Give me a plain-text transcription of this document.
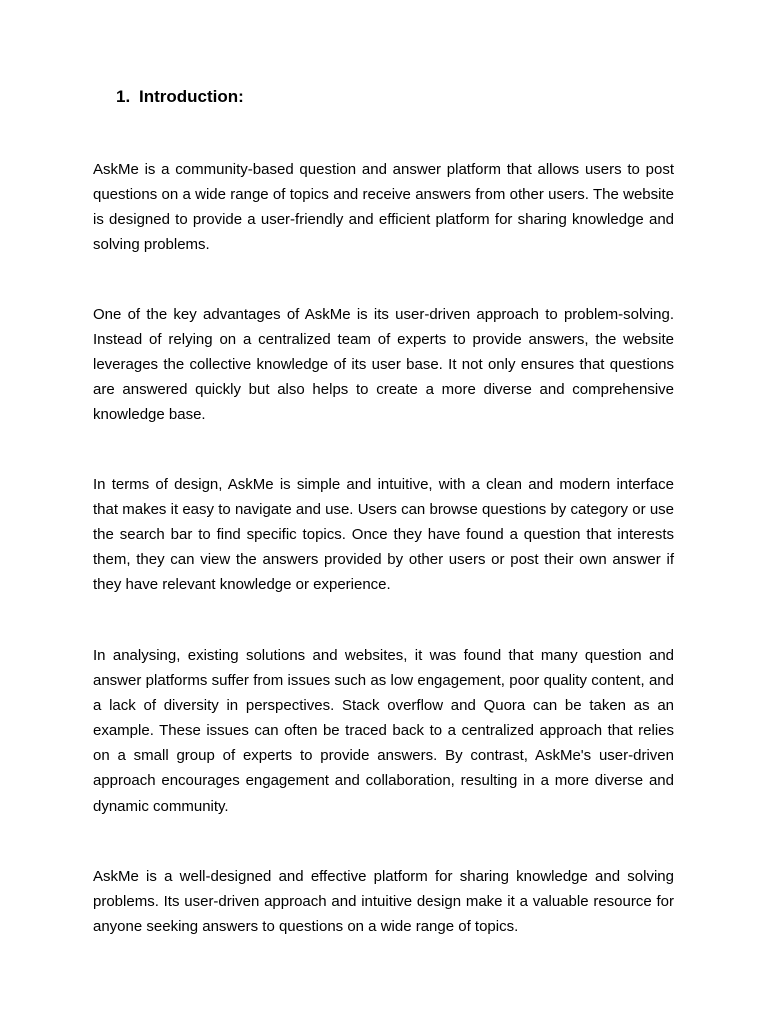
1. Introduction:

AskMe is a community-based question and answer platform that allows users to post questions on a wide range of topics and receive answers from other users. The website is designed to provide a user-friendly and efficient platform for sharing knowledge and solving problems.

One of the key advantages of AskMe is its user-driven approach to problem-solving. Instead of relying on a centralized team of experts to provide answers, the website leverages the collective knowledge of its user base. It not only ensures that questions are answered quickly but also helps to create a more diverse and comprehensive knowledge base.

In terms of design, AskMe is simple and intuitive, with a clean and modern interface that makes it easy to navigate and use. Users can browse questions by category or use the search bar to find specific topics. Once they have found a question that interests them, they can view the answers provided by other users or post their own answer if they have relevant knowledge or experience.

In analysing, existing solutions and websites, it was found that many question and answer platforms suffer from issues such as low engagement, poor quality content, and a lack of diversity in perspectives. Stack overflow and Quora can be taken as an example. These issues can often be traced back to a centralized approach that relies on a small group of experts to provide answers. By contrast, AskMe's user-driven approach encourages engagement and collaboration, resulting in a more diverse and dynamic community.

AskMe is a well-designed and effective platform for sharing knowledge and solving problems. Its user-driven approach and intuitive design make it a valuable resource for anyone seeking answers to questions on a wide range of topics.
